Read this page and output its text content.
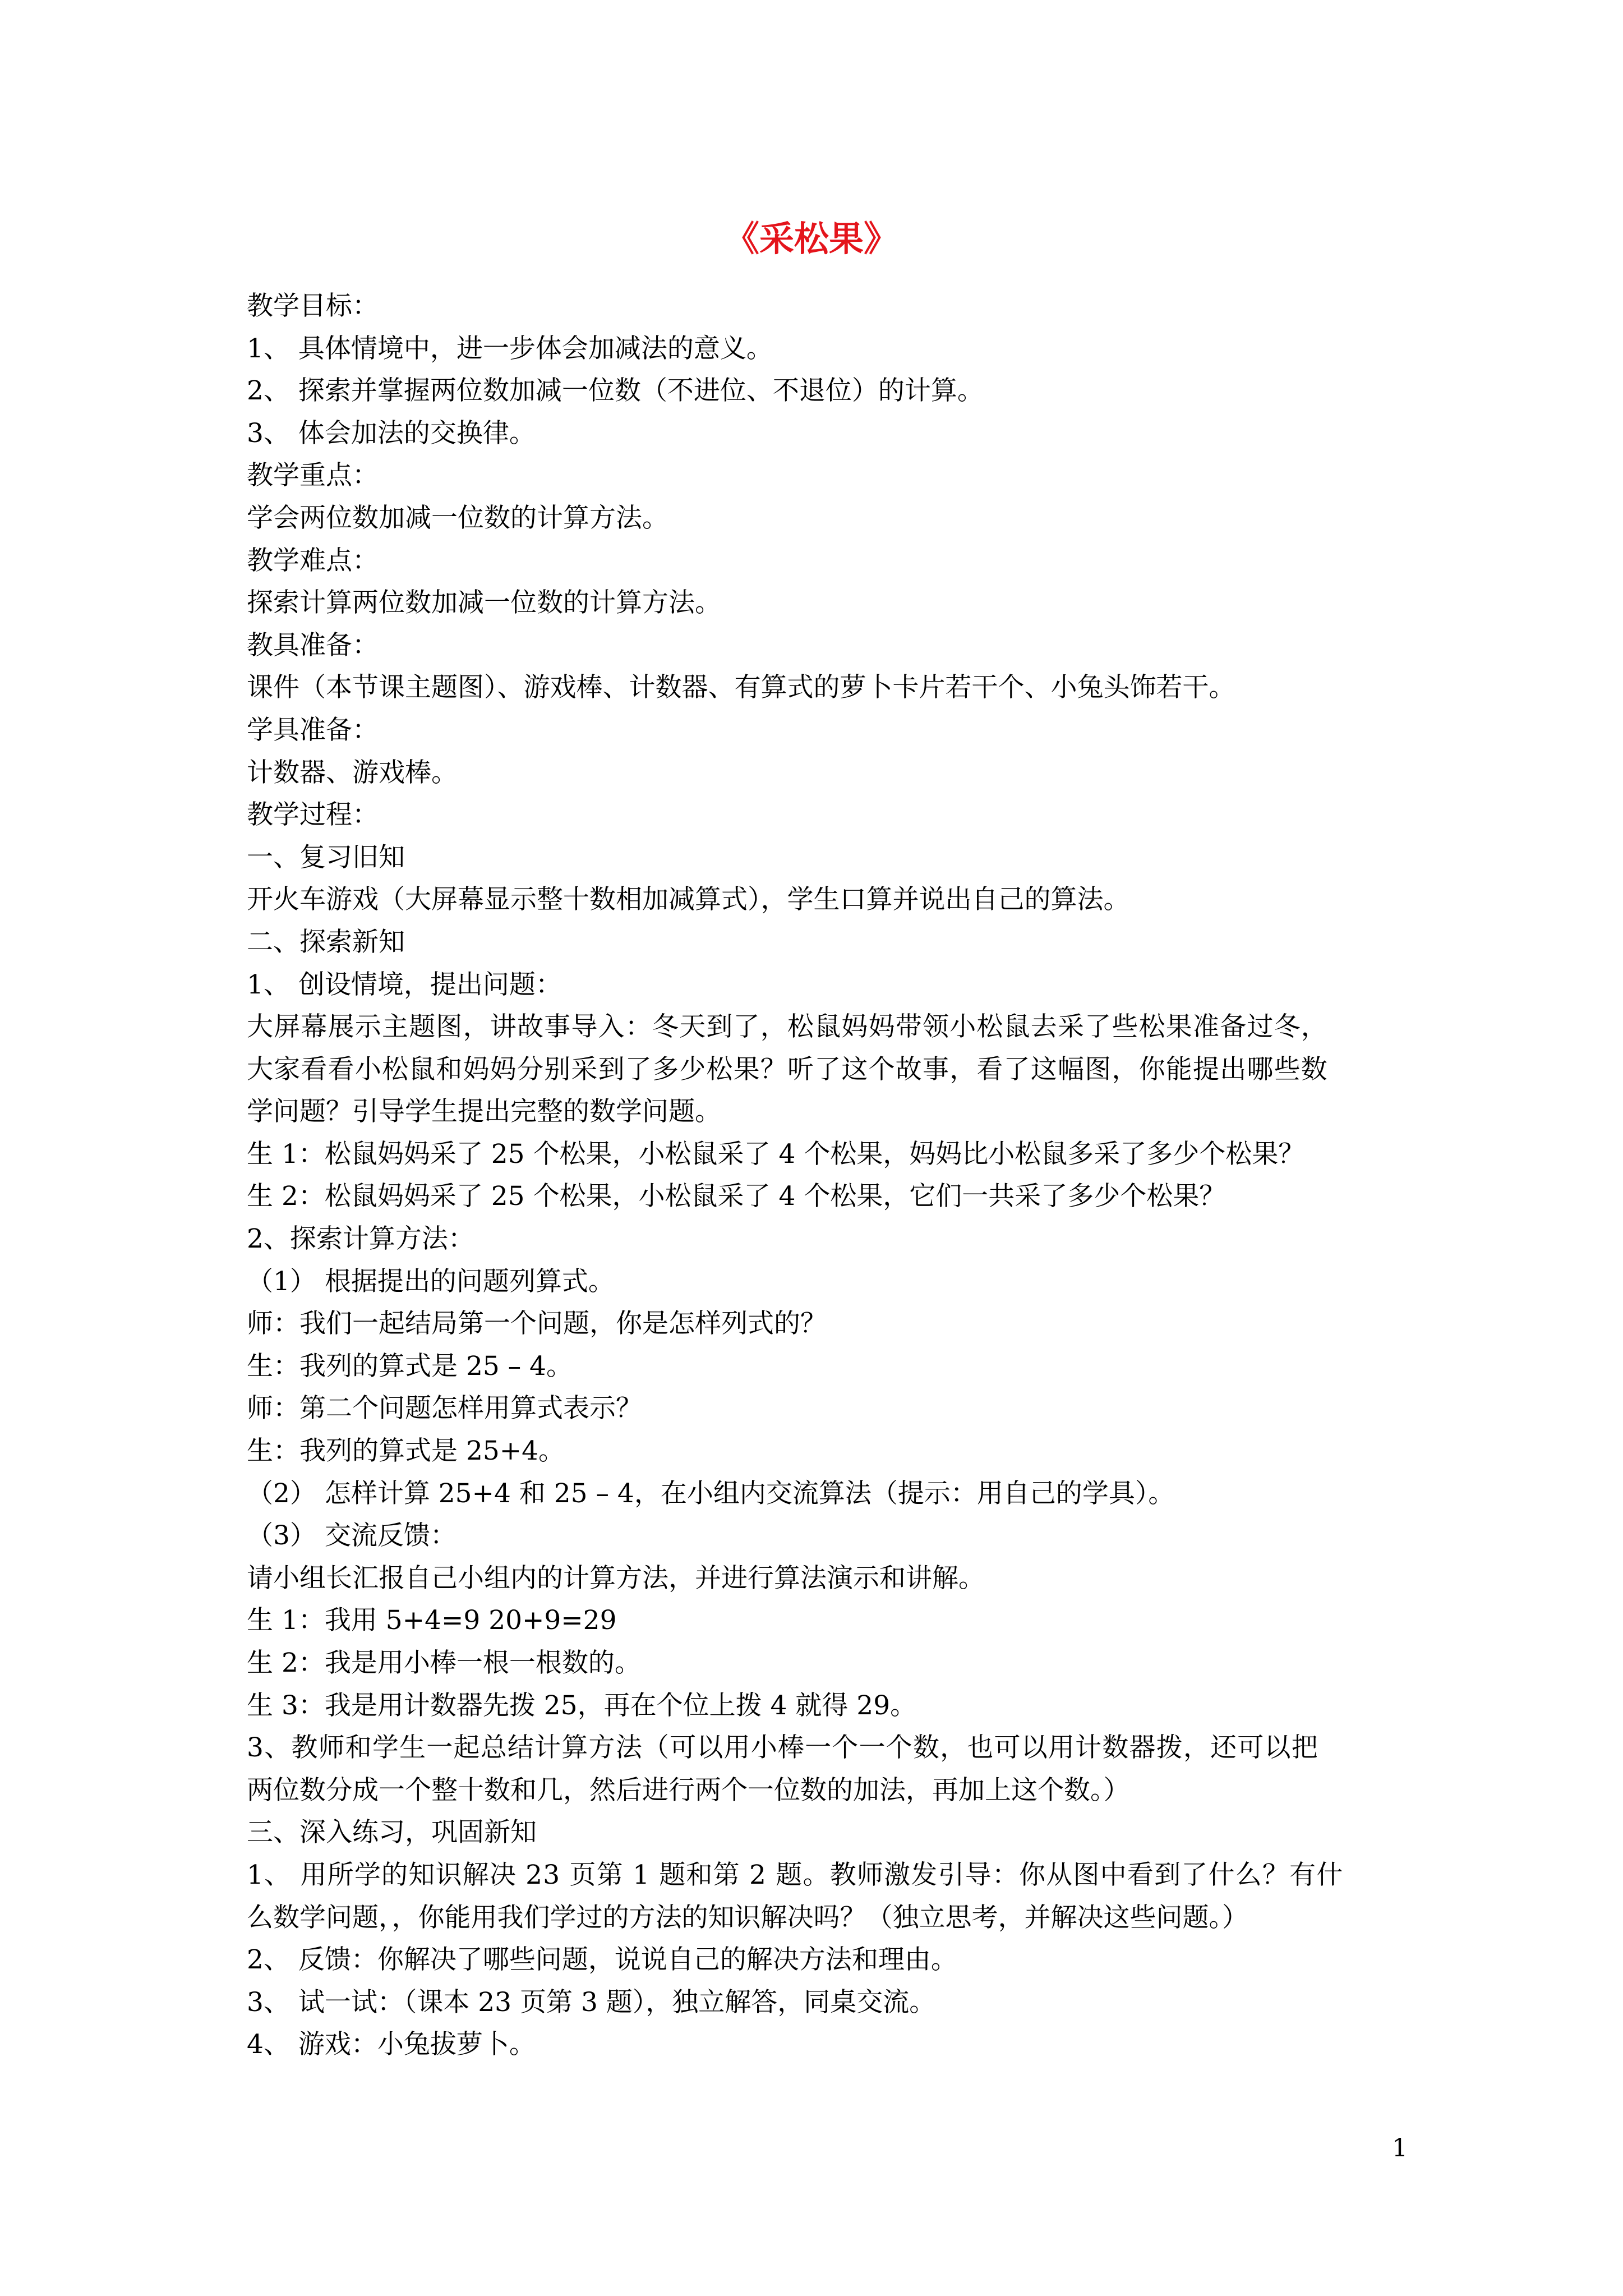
《采松果》
教学目标：
1、 具体情境中，进一步体会加减法的意义。
2、 探索并掌握两位数加减一位数（不进位、不退位）的计算。
3、 体会加法的交换律。
教学重点：
学会两位数加减一位数的计算方法。
教学难点：
探索计算两位数加减一位数的计算方法。
教具准备：
课件（本节课主题图）、游戏棒、计数器、有算式的萝卜卡片若干个、小兔头饰若干。
学具准备：
计数器、游戏棒。
教学过程：
一、复习旧知
开火车游戏（大屏幕显示整十数相加减算式），学生口算并说出自己的算法。
二、探索新知
1、 创设情境，提出问题：
大屏幕展示主题图，讲故事导入：冬天到了，松鼠妈妈带领小松鼠去采了些松果准备过冬，
大家看看小松鼠和妈妈分别采到了多少松果？听了这个故事，看了这幅图，你能提出哪些数
学问题？引导学生提出完整的数学问题。
生 1：松鼠妈妈采了 25 个松果，小松鼠采了 4 个松果，妈妈比小松鼠多采了多少个松果？
生 2：松鼠妈妈采了 25 个松果，小松鼠采了 4 个松果，它们一共采了多少个松果？
2、探索计算方法：
（1） 根据提出的问题列算式。
师：我们一起结局第一个问题，你是怎样列式的？
生：我列的算式是 25 – 4。
师：第二个问题怎样用算式表示？
生：我列的算式是 25+4。
（2） 怎样计算 25+4 和 25 – 4，在小组内交流算法（提示：用自己的学具）。
（3） 交流反馈：
请小组长汇报自己小组内的计算方法，并进行算法演示和讲解。
生 1：我用 5+4=9 20+9=29
生 2：我是用小棒一根一根数的。
生 3：我是用计数器先拨 25，再在个位上拨 4 就得 29。
3、教师和学生一起总结计算方法（可以用小棒一个一个数，也可以用计数器拨，还可以把
两位数分成一个整十数和几，然后进行两个一位数的加法，再加上这个数。）
三、深入练习，巩固新知
1、 用所学的知识解决 23 页第 1 题和第 2 题。教师激发引导：你从图中看到了什么？有什
么数学问题，，你能用我们学过的方法的知识解决吗？（独立思考，并解决这些问题。）
2、 反馈：你解决了哪些问题，说说自己的解决方法和理由。
3、 试一试：（课本 23 页第 3 题），独立解答，同桌交流。
4、 游戏：小兔拔萝卜。
1
